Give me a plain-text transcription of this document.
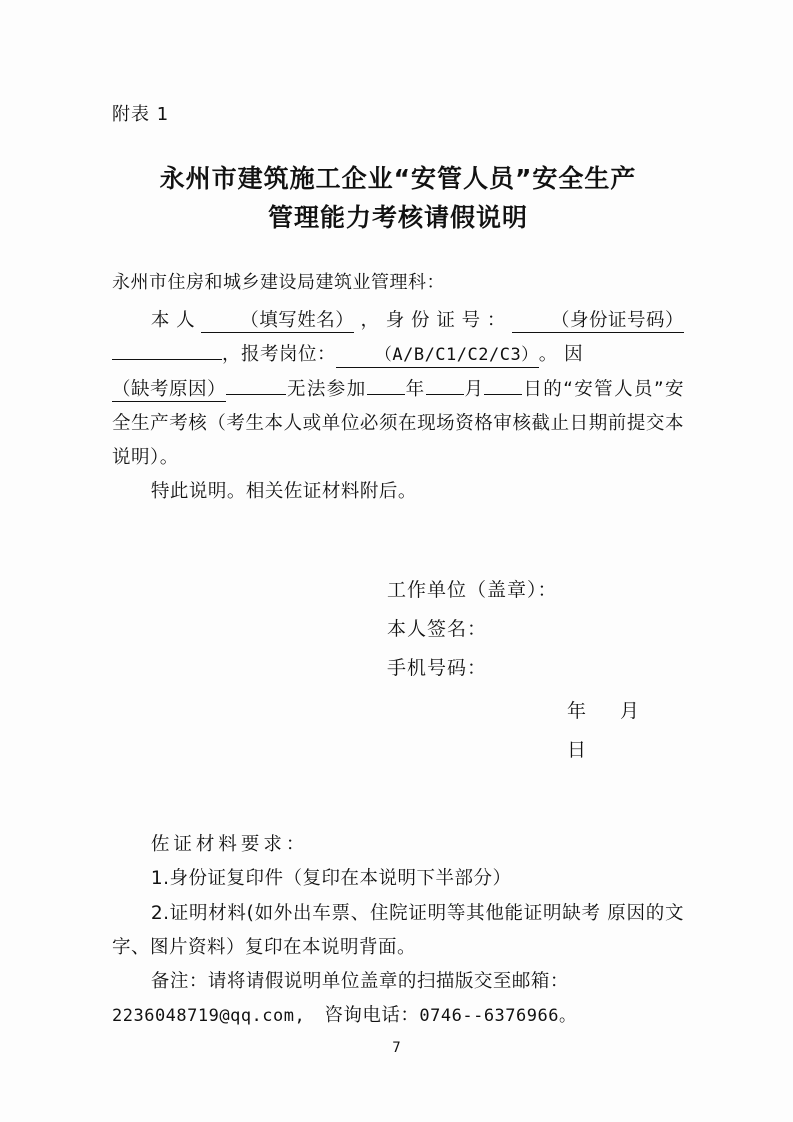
附表 1
永州市建筑施工企业“安管人员”安全生产
管理能力考核请假说明
永州市住房和城乡建设局建筑业管理科：

本人 （填写姓名），身份证号： （身份证号码），报考岗位： （A/B/C1/C2/C3）。 因

（缺考原因）	无法参加 年 月 日的“安管人员”安全生产考核（考生本人或单位必须在现场资格审核截止日期前提交本说明）。

特此说明。相关佐证材料附后。

工作单位（盖章）：
本人签名：
手机号码：
年 月 日

佐证材料要求：

1.身份证复印件（复印在本说明下半部分）

2.证明材料(如外出车票、住院证明等其他能证明缺考 原因的文字、图片资料）复印在本说明背面。

备注：请将请假说明单位盖章的扫描版交至邮箱：

2236048719@qq.com, 咨询电话：0746--6376966。

7
